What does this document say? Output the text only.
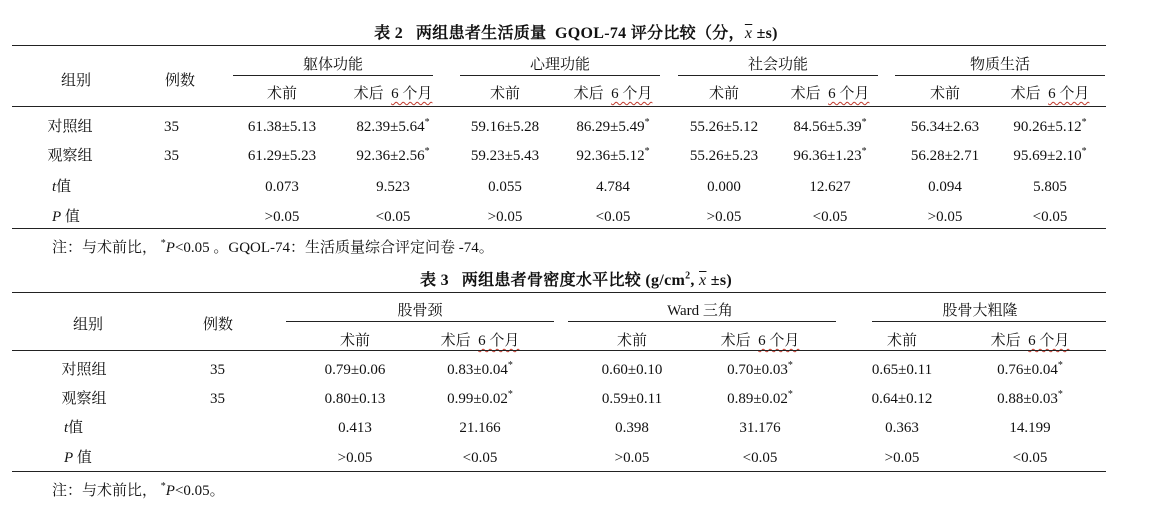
表 2 两组患者生活质量 GQOL-74 评分比较（分，$\overline{x} \pm s$)
组别	例数
躯体功能	心理功能	社会功能	物质生活
术前	术后 6 个月	术前	术后 6 个月	术前	术后 6 个月	术前	术后 6 个月
对照组	35	61.38±5.13	82.39±5.64*	59.16±5.28 86.29±5.49*	55.26±5.12 84.56±5.39*	56.34±2.63 90.26±5.12*
观察组	35	61.29±5.23	92.36±2.56*	59.23±5.43 92.36±5.12*	55.26±5.23 96.36±1.23*	56.28±2.71 95.69±2.10*
t值	0.073	9.523	0.055	4.784	0.000	12.627	0.094	5.805
P 值	>0.05	<0.05	>0.05	<0.05	>0.05	<0.05	>0.05	<0.05
注：与术前比， *P<0.05 。GQOL-74：生活质量综合评定问卷 -74。
表 3 两组患者骨密度水平比较 ($g/cm^2$, $\overline{x} \pm s$)
组别	例数
股骨颈	Ward 三角	股骨大粗隆
术前	术后 6 个月	术前	术后 6 个月	术前	术后 6 个月
对照组	35	0.79±0.06	0.83±0.04*	0.60±0.10	0.70±0.03*	0.65±0.11	0.76±0.04*
观察组	35	0.80±0.13	0.99±0.02*	0.59±0.11	0.89±0.02*	0.64±0.12	0.88±0.03*
t值	0.413	21.166	0.398	31.176	0.363	14.199
P 值	>0.05	<0.05	>0.05	<0.05	>0.05	<0.05
注：与术前比， *P<0.05。
